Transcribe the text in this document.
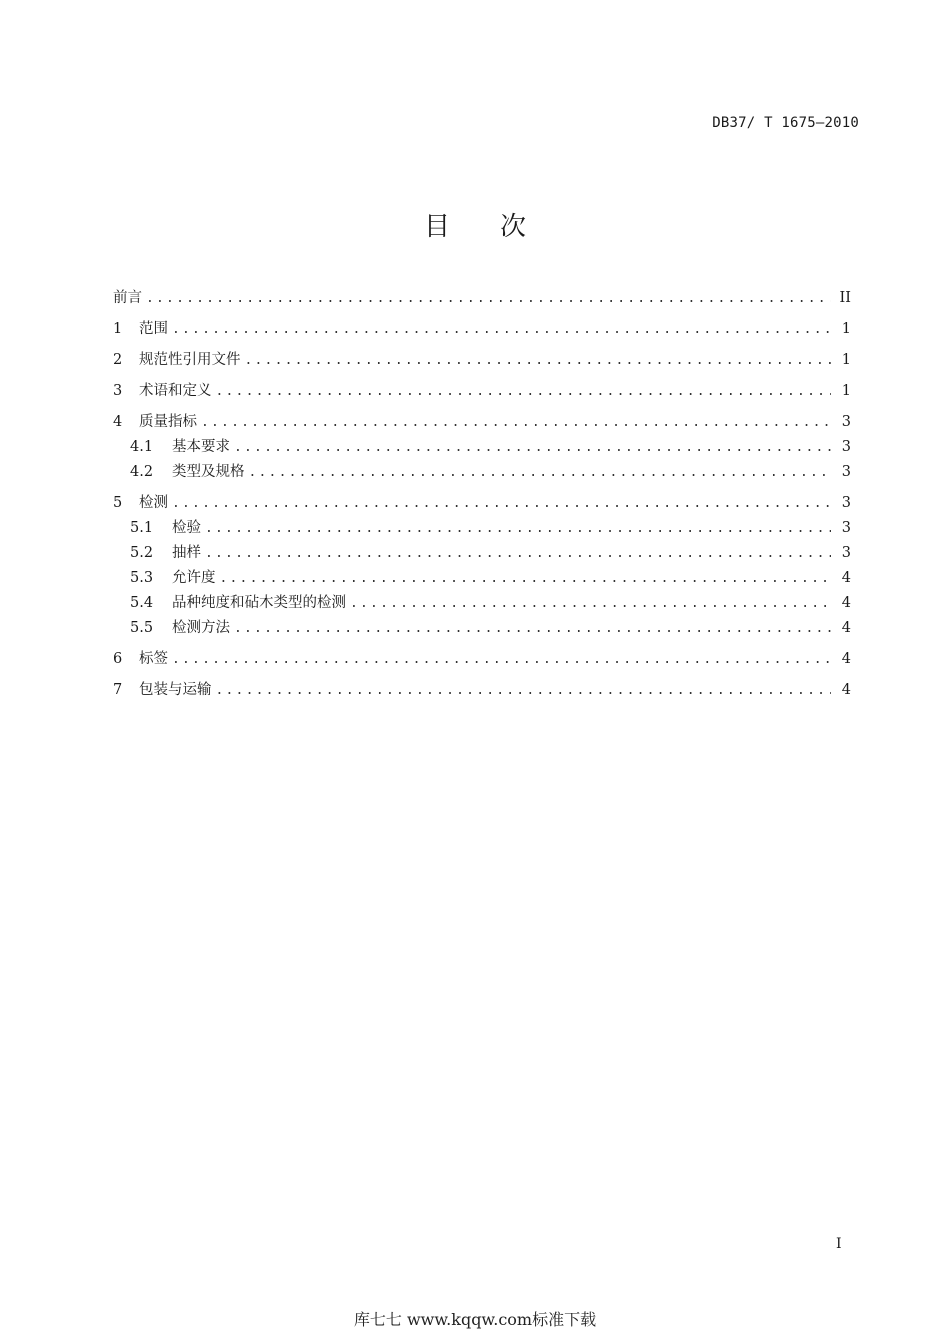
DB37/ T 1675—2010
目 次
前言 .....	II
1	范围 .....	1
2	规范性引用文件 .....	1
3	术语和定义 .....	1
4	质量指标 .....	3
4.1	基本要求 .....	3
4.2	类型及规格 .....	3
5	检测 .....	3
5.1	检验 .....	3
5.2	抽样 .....	3
5.3	允许度 .....	4
5.4	品种纯度和砧木类型的检测 .....	4
5.5	检测方法 .....	4
6	标签 .....	4
7	包装与运输 .....	4
I
库七七 www.kqqw.com标准下载
